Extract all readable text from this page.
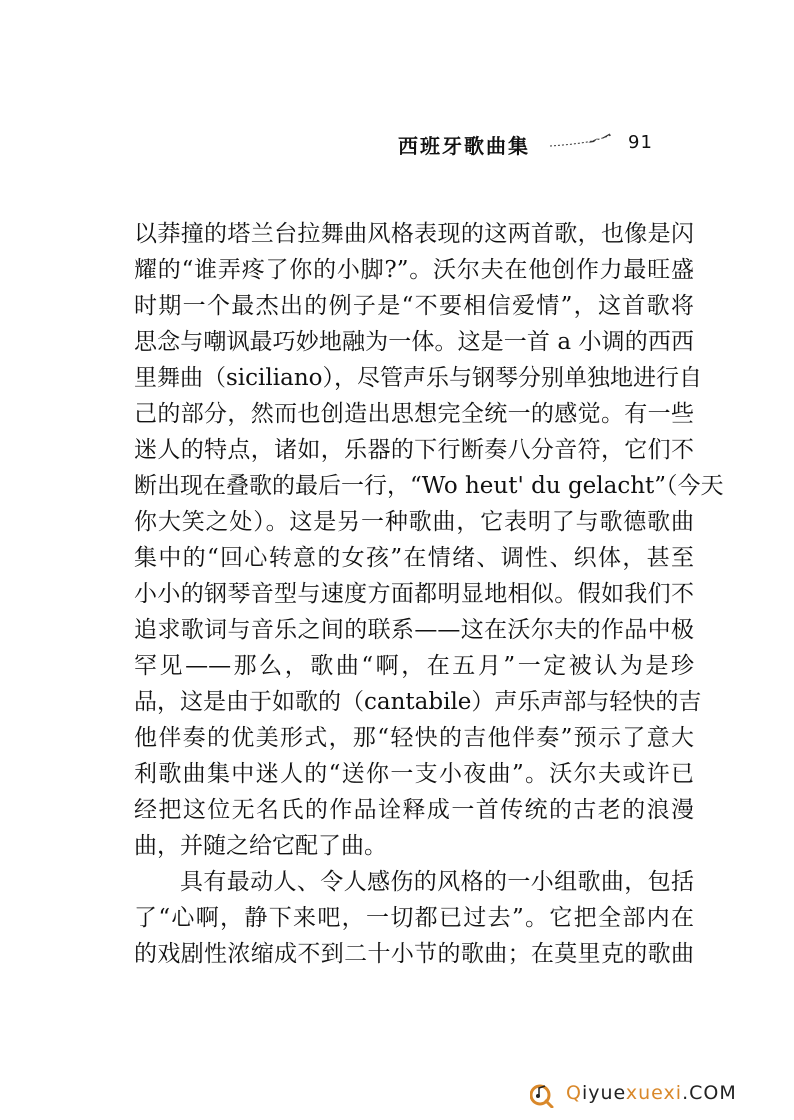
西班牙歌曲集	91
以莽撞的塔兰台拉舞曲风格表现的这两首歌，也像是闪
耀的“谁弄疼了你的小脚?”。沃尔夫在他创作力最旺盛
时期一个最杰出的例子是“不要相信爱情”，这首歌将
思念与嘲讽最巧妙地融为一体。这是一首 a 小调的西西
里舞曲（siciliano），尽管声乐与钢琴分别单独地进行自
己的部分，然而也创造出思想完全统一的感觉。有一些
迷人的特点，诸如，乐器的下行断奏八分音符，它们不
断出现在叠歌的最后一行，“Wo heut' du gelacht”（今天
你大笑之处）。这是另一种歌曲，它表明了与歌德歌曲
集中的“回心转意的女孩”在情绪、调性、织体，甚至
小小的钢琴音型与速度方面都明显地相似。假如我们不
追求歌词与音乐之间的联系——这在沃尔夫的作品中极
罕见——那么，歌曲“啊，在五月”一定被认为是珍
品，这是由于如歌的（cantabile）声乐声部与轻快的吉
他伴奏的优美形式，那“轻快的吉他伴奏”预示了意大
利歌曲集中迷人的“送你一支小夜曲”。沃尔夫或许已
经把这位无名氏的作品诠释成一首传统的古老的浪漫
曲，并随之给它配了曲。
具有最动人、令人感伤的风格的一小组歌曲，包括
了“心啊，静下来吧，一切都已过去”。它把全部内在
的戏剧性浓缩成不到二十小节的歌曲；在莫里克的歌曲
Qiyuexuexi.COM
